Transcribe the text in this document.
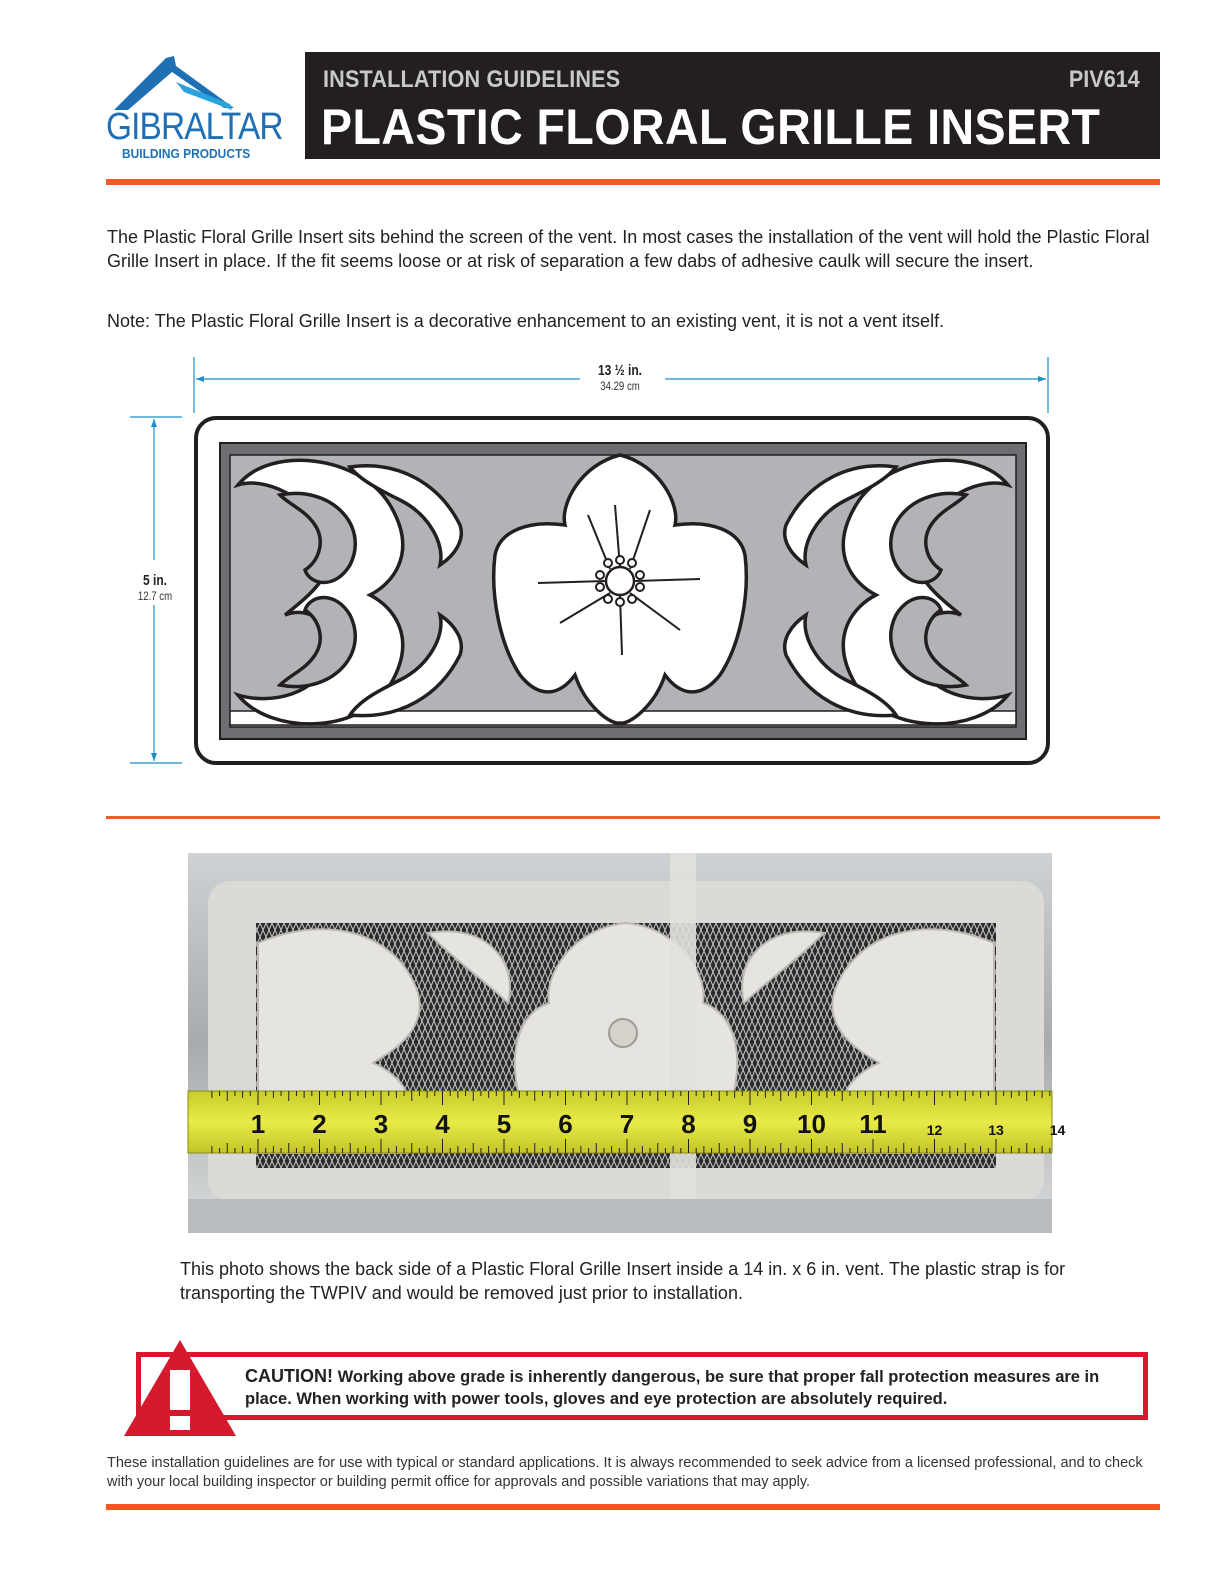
GIBRALTAR
BUILDING PRODUCTS
INSTALLATION GUIDELINES	PIV614
PLASTIC FLORAL GRILLE INSERT
The Plastic Floral Grille Insert sits behind the screen of the vent. In most cases the installation of the vent will hold the Plastic Floral Grille Insert in place. If the fit seems loose or at risk of separation a few dabs of adhesive caulk will secure the insert.
Note: The Plastic Floral Grille Insert is a decorative enhancement to an existing vent, it is not a vent itself.
13 ½ in.
34.29 cm
5 in.
12.7 cm
1 2 3 4 5 6 7 8 9 10 11	12	13	14
This photo shows the back side of a Plastic Floral Grille Insert inside a 14 in. x 6 in. vent. The plastic strap is for transporting the TWPIV and would be removed just prior to installation.
CAUTION! Working above grade is inherently dangerous, be sure that proper fall protection measures are in place. When working with power tools, gloves and eye protection are absolutely required.
These installation guidelines are for use with typical or standard applications. It is always recommended to seek advice from a licensed professional, and to check with your local building inspector or building permit office for approvals and possible variations that may apply.
